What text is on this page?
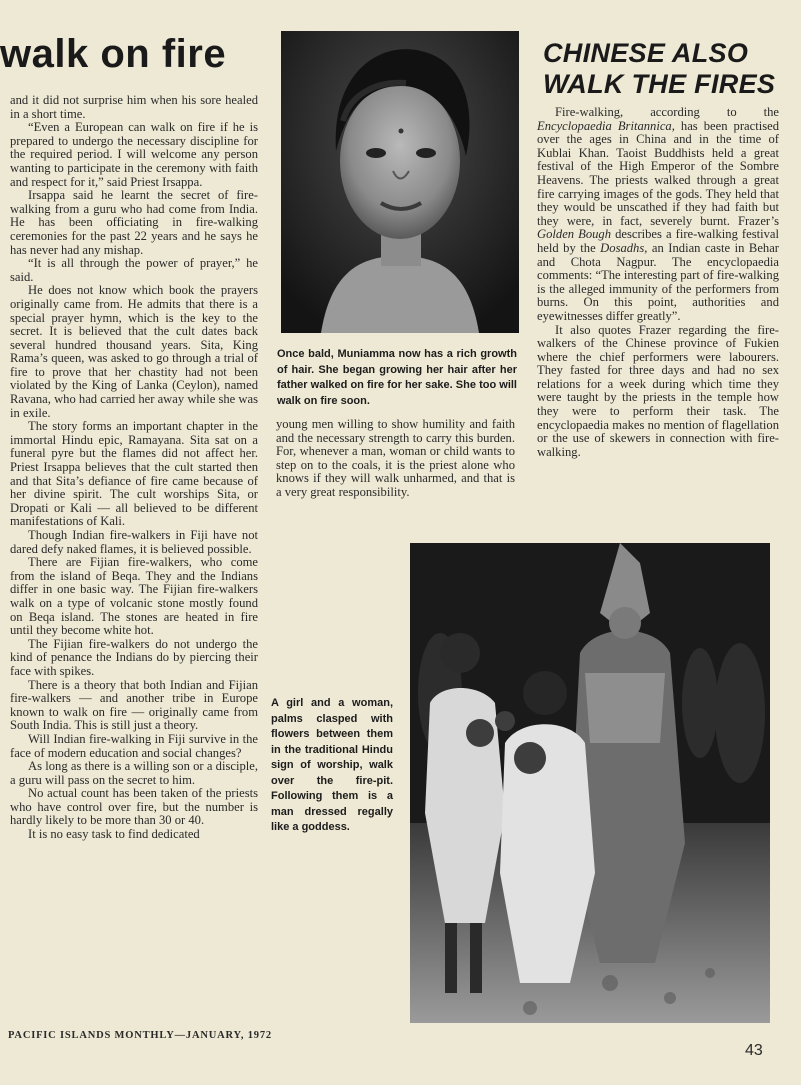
walk on fire

and it did not surprise him when his sore healed in a short time.

“Even a European can walk on fire if he is prepared to undergo the necessary discipline for the required period. I will welcome any person wanting to participate in the ceremony with faith and respect for it,” said Priest Irsappa.

Irsappa said he learnt the secret of fire-walking from a guru who had come from India. He has been officiating in fire-walking ceremonies for the past 22 years and he says he has never had any mishap.

“It is all through the power of prayer,” he said.

He does not know which book the prayers originally came from. He admits that there is a special prayer hymn, which is the key to the secret. It is believed that the cult dates back several hundred thousand years. Sita, King Rama’s queen, was asked to go through a trial of fire to prove that her chastity had not been violated by the King of Lanka (Ceylon), named Ravana, who had carried her away while she was in exile.

The story forms an important chapter in the immortal Hindu epic, Ramayana. Sita sat on a funeral pyre but the flames did not affect her. Priest Irsappa believes that the cult started then and that Sita’s defiance of fire came because of her divine spirit. The cult worships Sita, or Dropati or Kali — all believed to be different manifestations of Kali.

Though Indian fire-walkers in Fiji have not dared defy naked flames, it is believed possible.

There are Fijian fire-walkers, who come from the island of Beqa. They and the Indians differ in one basic way. The Fijian fire-walkers walk on a type of volcanic stone mostly found on Beqa island. The stones are heated in fire until they become white hot.

The Fijian fire-walkers do not undergo the kind of penance the Indians do by piercing their face with spikes.

There is a theory that both Indian and Fijian fire-walkers — and another tribe in Europe known to walk on fire — originally came from South India. This is still just a theory.

Will Indian fire-walking in Fiji survive in the face of modern education and social changes?

As long as there is a willing son or a disciple, a guru will pass on the secret to him.

No actual count has been taken of the priests who have control over fire, but the number is hardly likely to be more than 30 or 40.

It is no easy task to find dedicated

Once bald, Muniamma now has a rich growth of hair. She began growing her hair after her father walked on fire for her sake. She too will walk on fire soon.

young men willing to show humility and faith and the necessary strength to carry this burden. For, whenever a man, woman or child wants to step on to the coals, it is the priest alone who knows if they will walk unharmed, and that is a very great responsibility.

CHINESE ALSO
WALK THE FIRES

Fire-walking, according to the Encyclopaedia Britannica, has been practised over the ages in China and in the time of Kublai Khan. Taoist Buddhists held a great festival of the High Emperor of the Sombre Heavens. The priests walked through a great fire carrying images of the gods. They held that they would be unscathed if they had faith but they were, in fact, severely burnt. Frazer’s Golden Bough describes a fire-walking festival held by the Dosadhs, an Indian caste in Behar and Chota Nagpur. The encyclopaedia comments: “The interesting part of fire-walking is the alleged immunity of the performers from burns. On this point, authorities and eyewitnesses differ greatly”.

It also quotes Frazer regarding the fire-walkers of the Chinese province of Fukien where the chief performers were labourers. They fasted for three days and had no sex relations for a week during which time they were taught by the priests in the temple how they were to perform their task. The encyclopaedia makes no mention of flagellation or the use of skewers in connection with fire-walking.

A girl and a woman, palms clasped with flowers between them in the traditional Hindu sign of worship, walk over the fire-pit. Following them is a man dressed regally like a goddess.
PACIFIC ISLANDS MONTHLY—JANUARY, 1972
43
